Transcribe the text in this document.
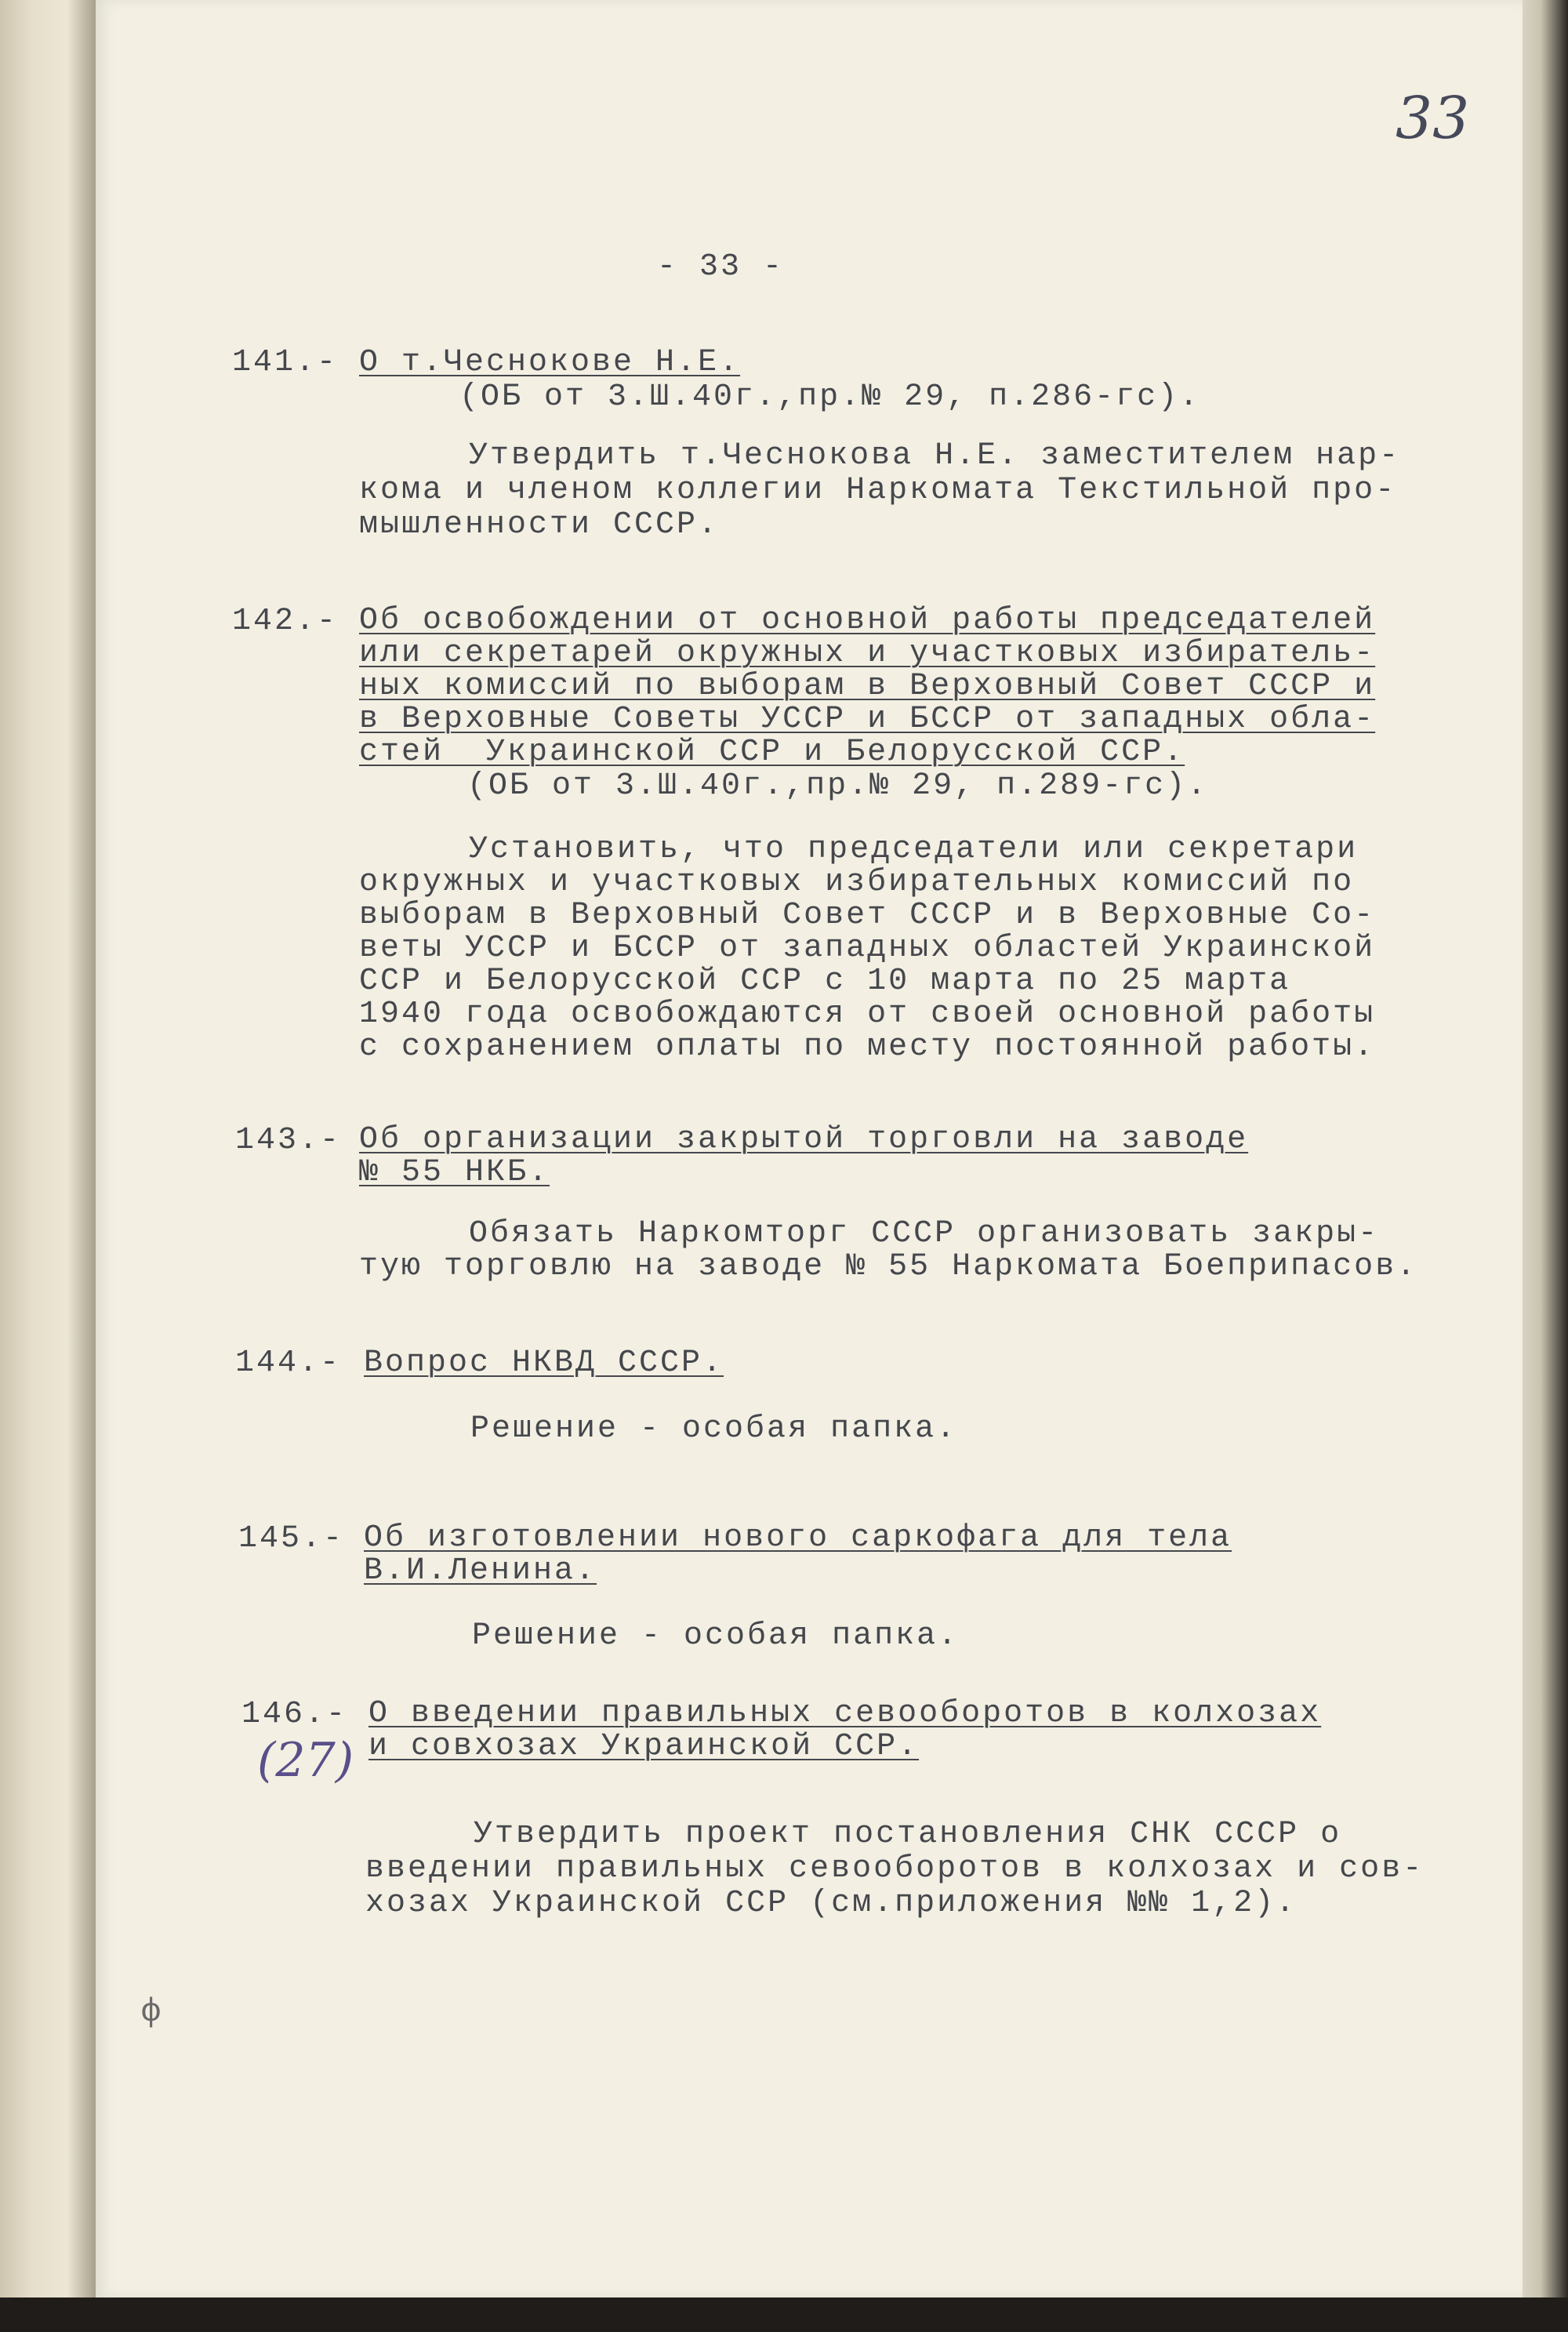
33
- 33 -
141.- О т.Чеснокове Н.Е.
(ОБ от 3.Ш.40г.,пр.№ 29, п.286-гс).
Утвердить т.Чеснокова Н.Е. заместителем нар-
кома и членом коллегии Наркомата Текстильной про-
мышленности СССР.
142.- Об освобождении от основной работы председателей
или секретарей окружных и участковых избиратель-
ных комиссий по выборам в Верховный Совет СССР и
в Верховные Советы УССР и БССР от западных обла-
стей  Украинской ССР и Белорусской ССР.
(ОБ от 3.Ш.40г.,пр.№ 29, п.289-гс).
Установить, что председатели или секретари
окружных и участковых избирательных комиссий по
выборам в Верховный Совет СССР и в Верховные Со-
веты УССР и БССР от западных областей Украинской
ССР и Белорусской ССР с 10 марта по 25 марта
1940 года освобождаются от своей основной работы
с сохранением оплаты по месту постоянной работы.
143.- Об организации закрытой торговли на заводе
№ 55 НКБ.
Обязать Наркомторг СССР организовать закры-
тую торговлю на заводе № 55 Наркомата Боеприпасов.
144.- Вопрос НКВД СССР.
Решение - особая папка.
145.- Об изготовлении нового саркофага для тела
В.И.Ленина.
Решение - особая папка.
146.-
(27)
О введении правильных севооборотов в колхозах
и совхозах Украинской ССР.
Утвердить проект постановления СНК СССР о
введении правильных севооборотов в колхозах и сов-
хозах Украинской ССР (см.приложения №№ 1,2).
ф
